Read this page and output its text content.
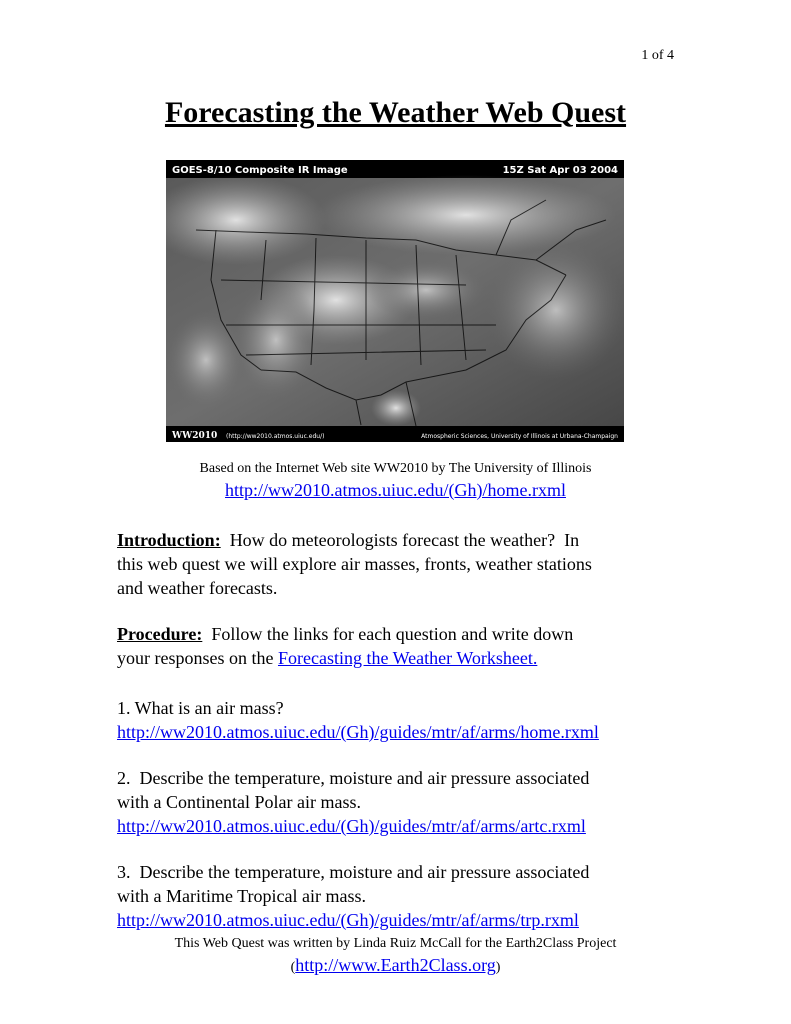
1 of 4
Forecasting the Weather Web Quest
GOES-8/10 Composite IR Image	15Z Sat Apr 03 2004
WW2010 (http://ww2010.atmos.uiuc.edu/)	Atmospheric Sciences, University of Illinois at Urbana-Champaign
Based on the Internet Web site WW2010 by The University of Illinois
http://ww2010.atmos.uiuc.edu/(Gh)/home.rxml
Introduction:  How do meteorologists forecast the weather?  In
this web quest we will explore air masses, fronts, weather stations
and weather forecasts.
Procedure:  Follow the links for each question and write down
your responses on the Forecasting the Weather Worksheet.
1. What is an air mass?
http://ww2010.atmos.uiuc.edu/(Gh)/guides/mtr/af/arms/home.rxml
2.  Describe the temperature, moisture and air pressure associated
with a Continental Polar air mass.
http://ww2010.atmos.uiuc.edu/(Gh)/guides/mtr/af/arms/artc.rxml
3.  Describe the temperature, moisture and air pressure associated
with a Maritime Tropical air mass.
http://ww2010.atmos.uiuc.edu/(Gh)/guides/mtr/af/arms/trp.rxml
This Web Quest was written by Linda Ruiz McCall for the Earth2Class Project
(http://www.Earth2Class.org)
